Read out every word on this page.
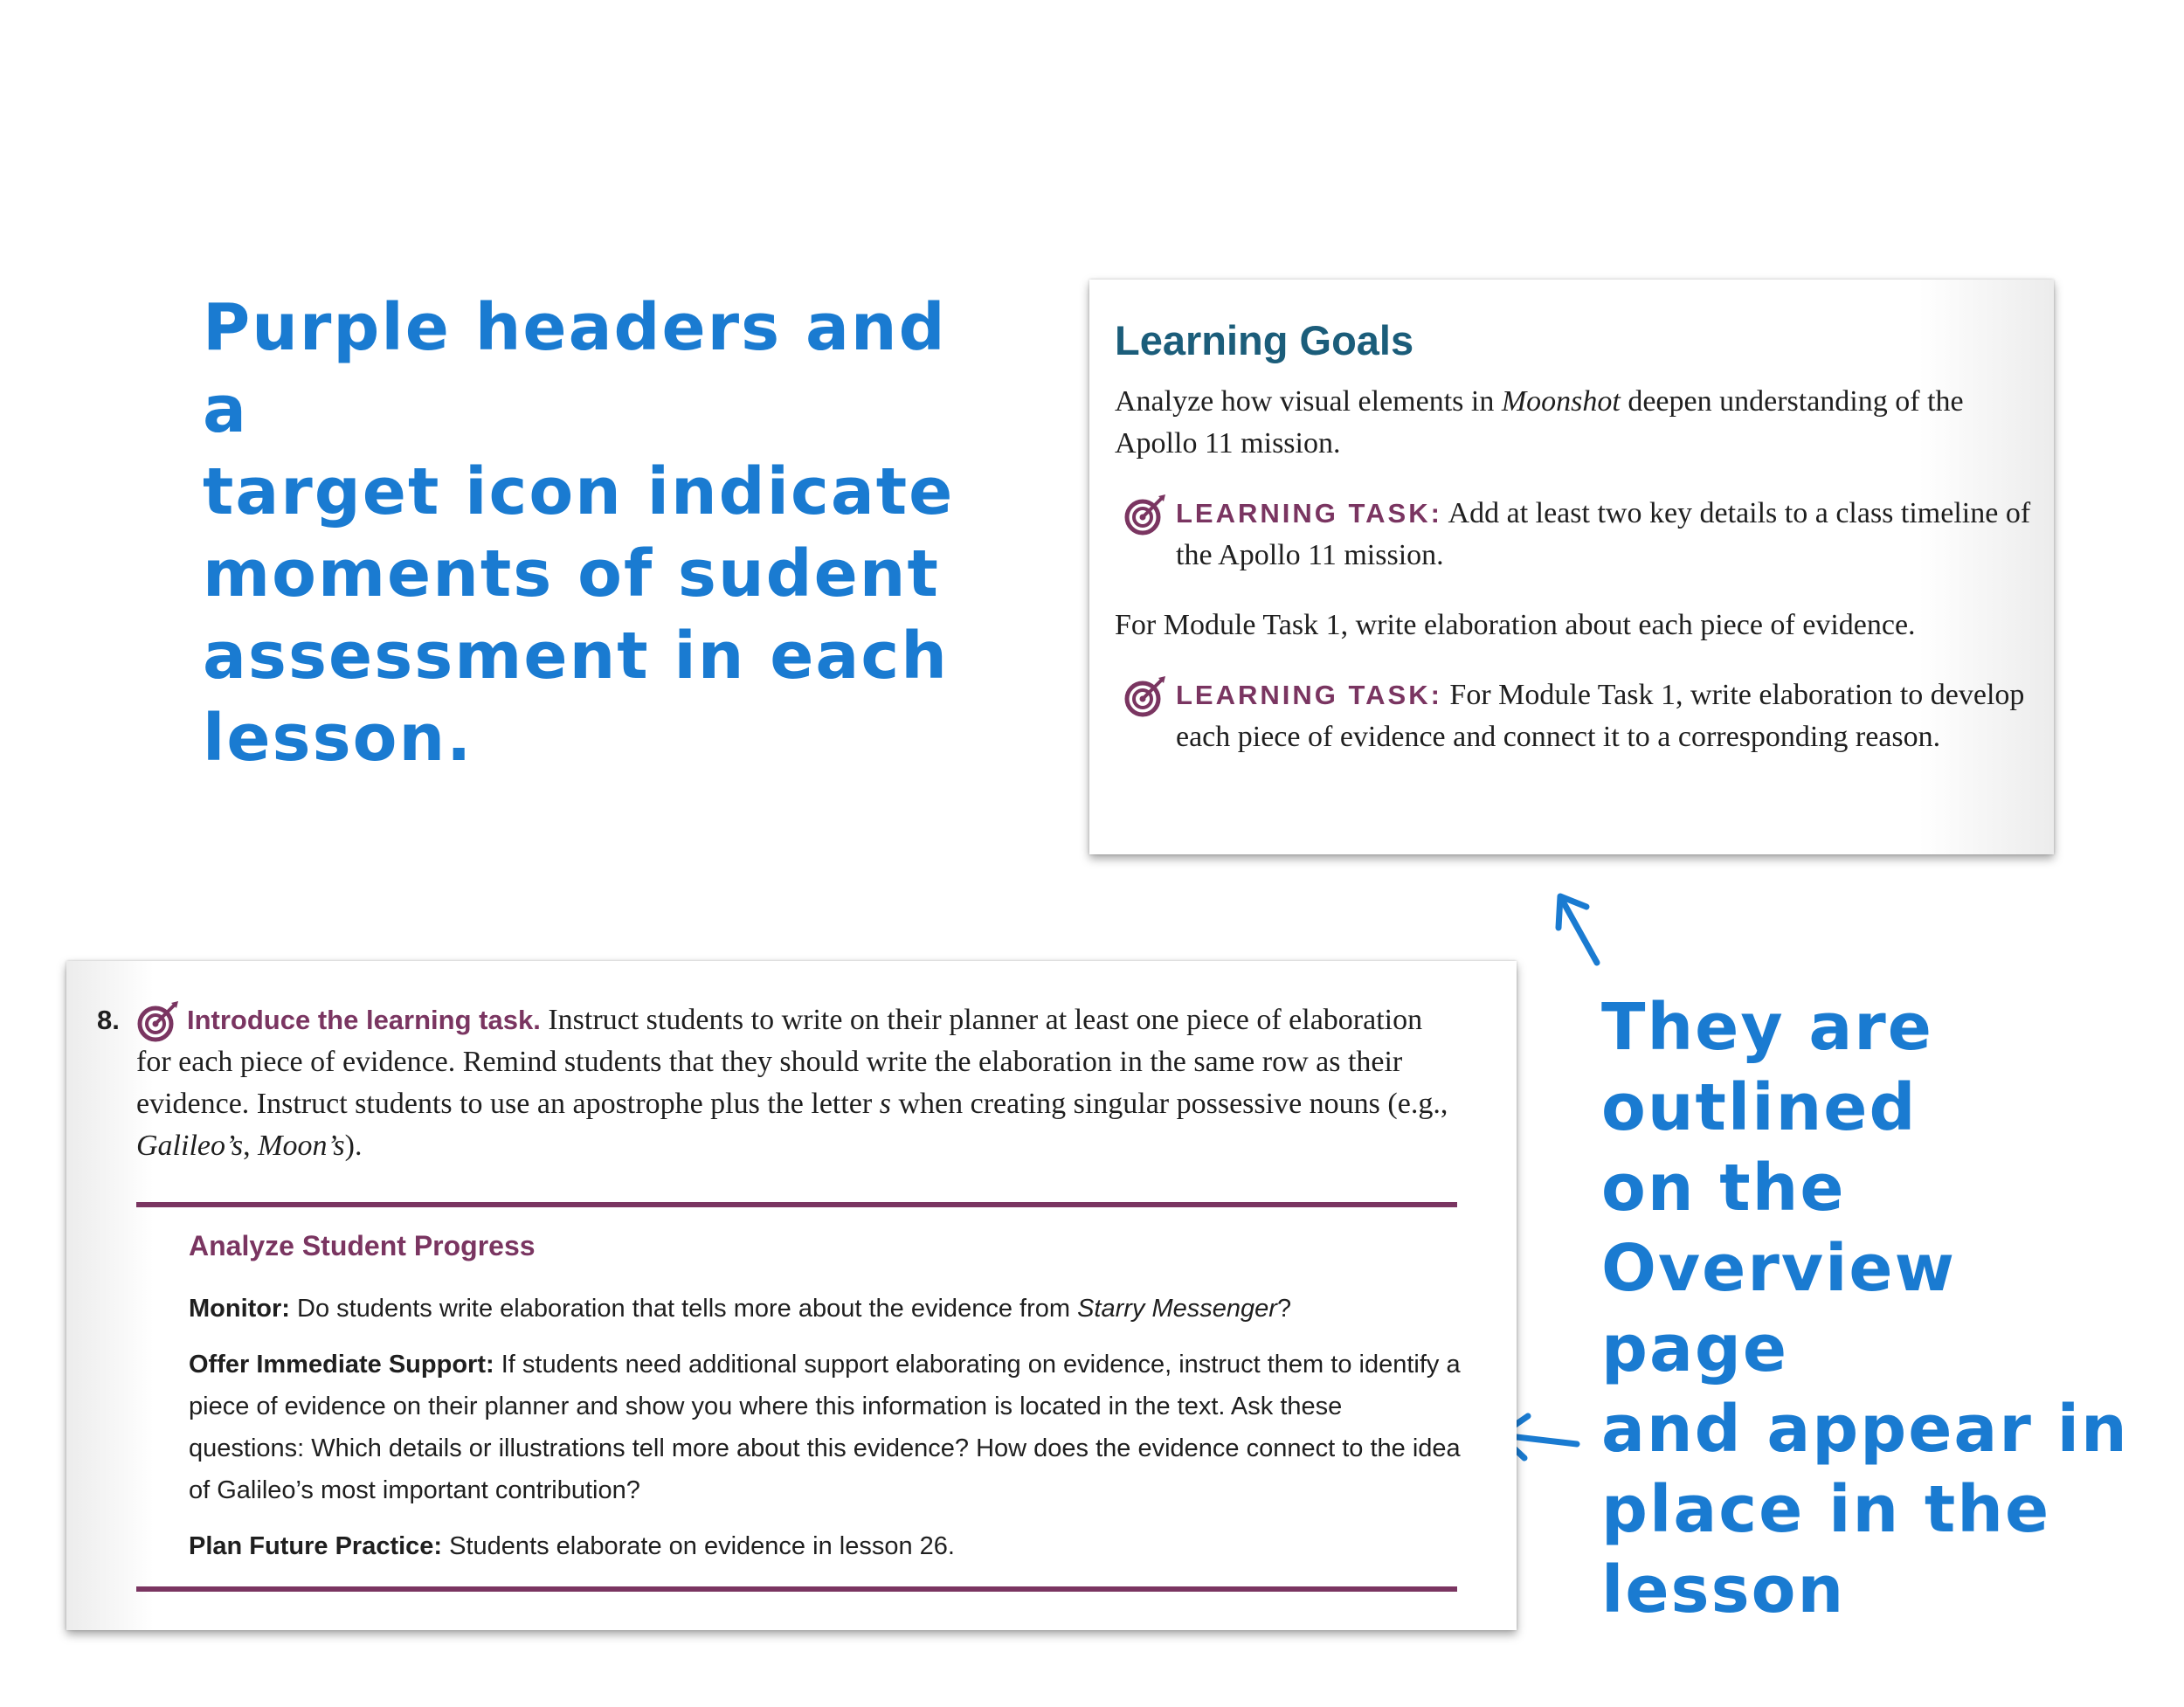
Purple headers and a

target icon indicate

moments of sudent

assessment in each

lesson.

Learning Goals
Analyze how visual elements in Moonshot deepen understanding of the Apollo 11 mission.
LEARNING TASK: Add at least two key details to a class timeline of the Apollo 11 mission.
For Module Task 1, write elaboration about each piece of evidence.
LEARNING TASK: For Module Task 1, write elaboration to develop each piece of evidence and connect it to a corresponding reason.

They are outlined

on the Overview

page

and appear in

place in the

lesson

8. Introduce the learning task. Instruct students to write on their planner at least one piece of elaboration for each piece of evidence. Remind students that they should write the elaboration in the same row as their evidence. Instruct students to use an apostrophe plus the letter s when creating singular possessive nouns (e.g., Galileo’s, Moon’s).
Analyze Student Progress

Monitor: Do students write elaboration that tells more about the evidence from Starry Messenger?

Offer Immediate Support: If students need additional support elaborating on evidence, instruct them to identify a piece of evidence on their planner and show you where this information is located in the text. Ask these questions: Which details or illustrations tell more about this evidence? How does the evidence connect to the idea of Galileo’s most important contribution?

Plan Future Practice: Students elaborate on evidence in lesson 26.
